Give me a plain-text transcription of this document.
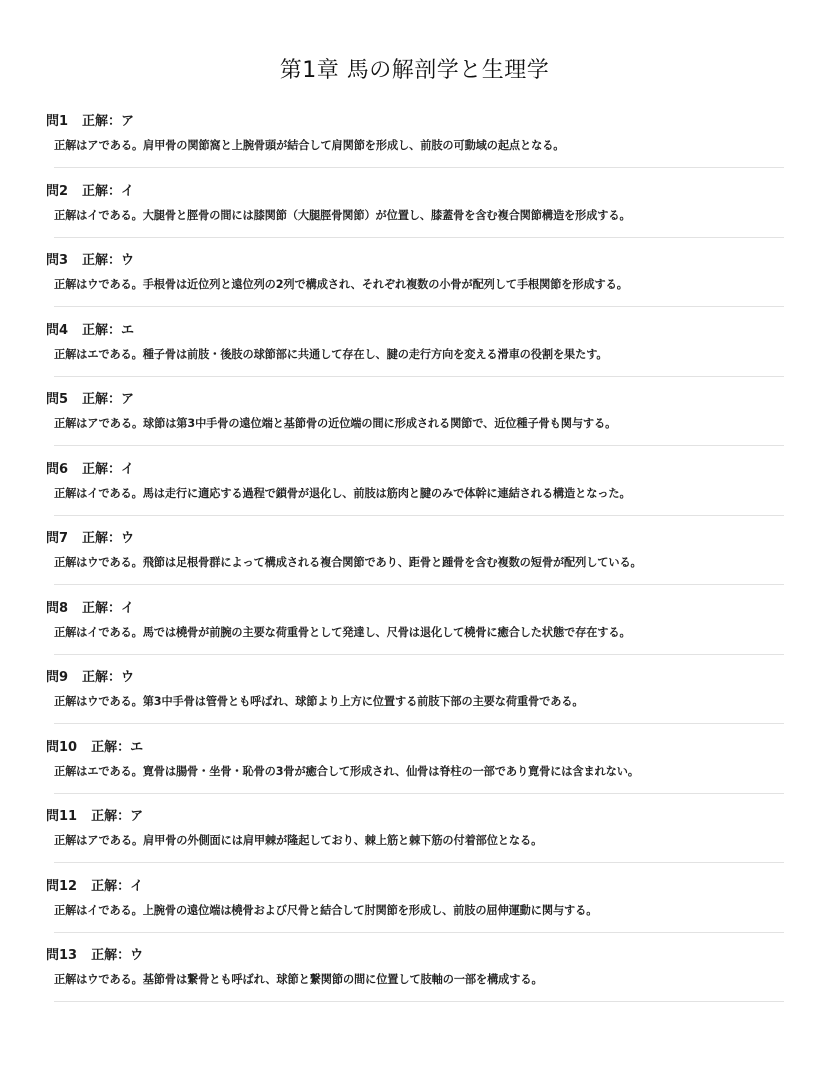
第1章 馬の解剖学と生理学
問1 正解：ア
正解はアである。肩甲骨の関節窩と上腕骨頭が結合して肩関節を形成し、前肢の可動域の起点となる。
問2 正解：イ
正解はイである。大腿骨と脛骨の間には膝関節（大腿脛骨関節）が位置し、膝蓋骨を含む複合関節構造を形成する。
問3 正解：ウ
正解はウである。手根骨は近位列と遠位列の2列で構成され、それぞれ複数の小骨が配列して手根関節を形成する。
問4 正解：エ
正解はエである。種子骨は前肢・後肢の球節部に共通して存在し、腱の走行方向を変える滑車の役割を果たす。
問5 正解：ア
正解はアである。球節は第3中手骨の遠位端と基節骨の近位端の間に形成される関節で、近位種子骨も関与する。
問6 正解：イ
正解はイである。馬は走行に適応する過程で鎖骨が退化し、前肢は筋肉と腱のみで体幹に連結される構造となった。
問7 正解：ウ
正解はウである。飛節は足根骨群によって構成される複合関節であり、距骨と踵骨を含む複数の短骨が配列している。
問8 正解：イ
正解はイである。馬では橈骨が前腕の主要な荷重骨として発達し、尺骨は退化して橈骨に癒合した状態で存在する。
問9 正解：ウ
正解はウである。第3中手骨は管骨とも呼ばれ、球節より上方に位置する前肢下部の主要な荷重骨である。
問10 正解：エ
正解はエである。寛骨は腸骨・坐骨・恥骨の3骨が癒合して形成され、仙骨は脊柱の一部であり寛骨には含まれない。
問11 正解：ア
正解はアである。肩甲骨の外側面には肩甲棘が隆起しており、棘上筋と棘下筋の付着部位となる。
問12 正解：イ
正解はイである。上腕骨の遠位端は橈骨および尺骨と結合して肘関節を形成し、前肢の屈伸運動に関与する。
問13 正解：ウ
正解はウである。基節骨は繋骨とも呼ばれ、球節と繋関節の間に位置して肢軸の一部を構成する。
